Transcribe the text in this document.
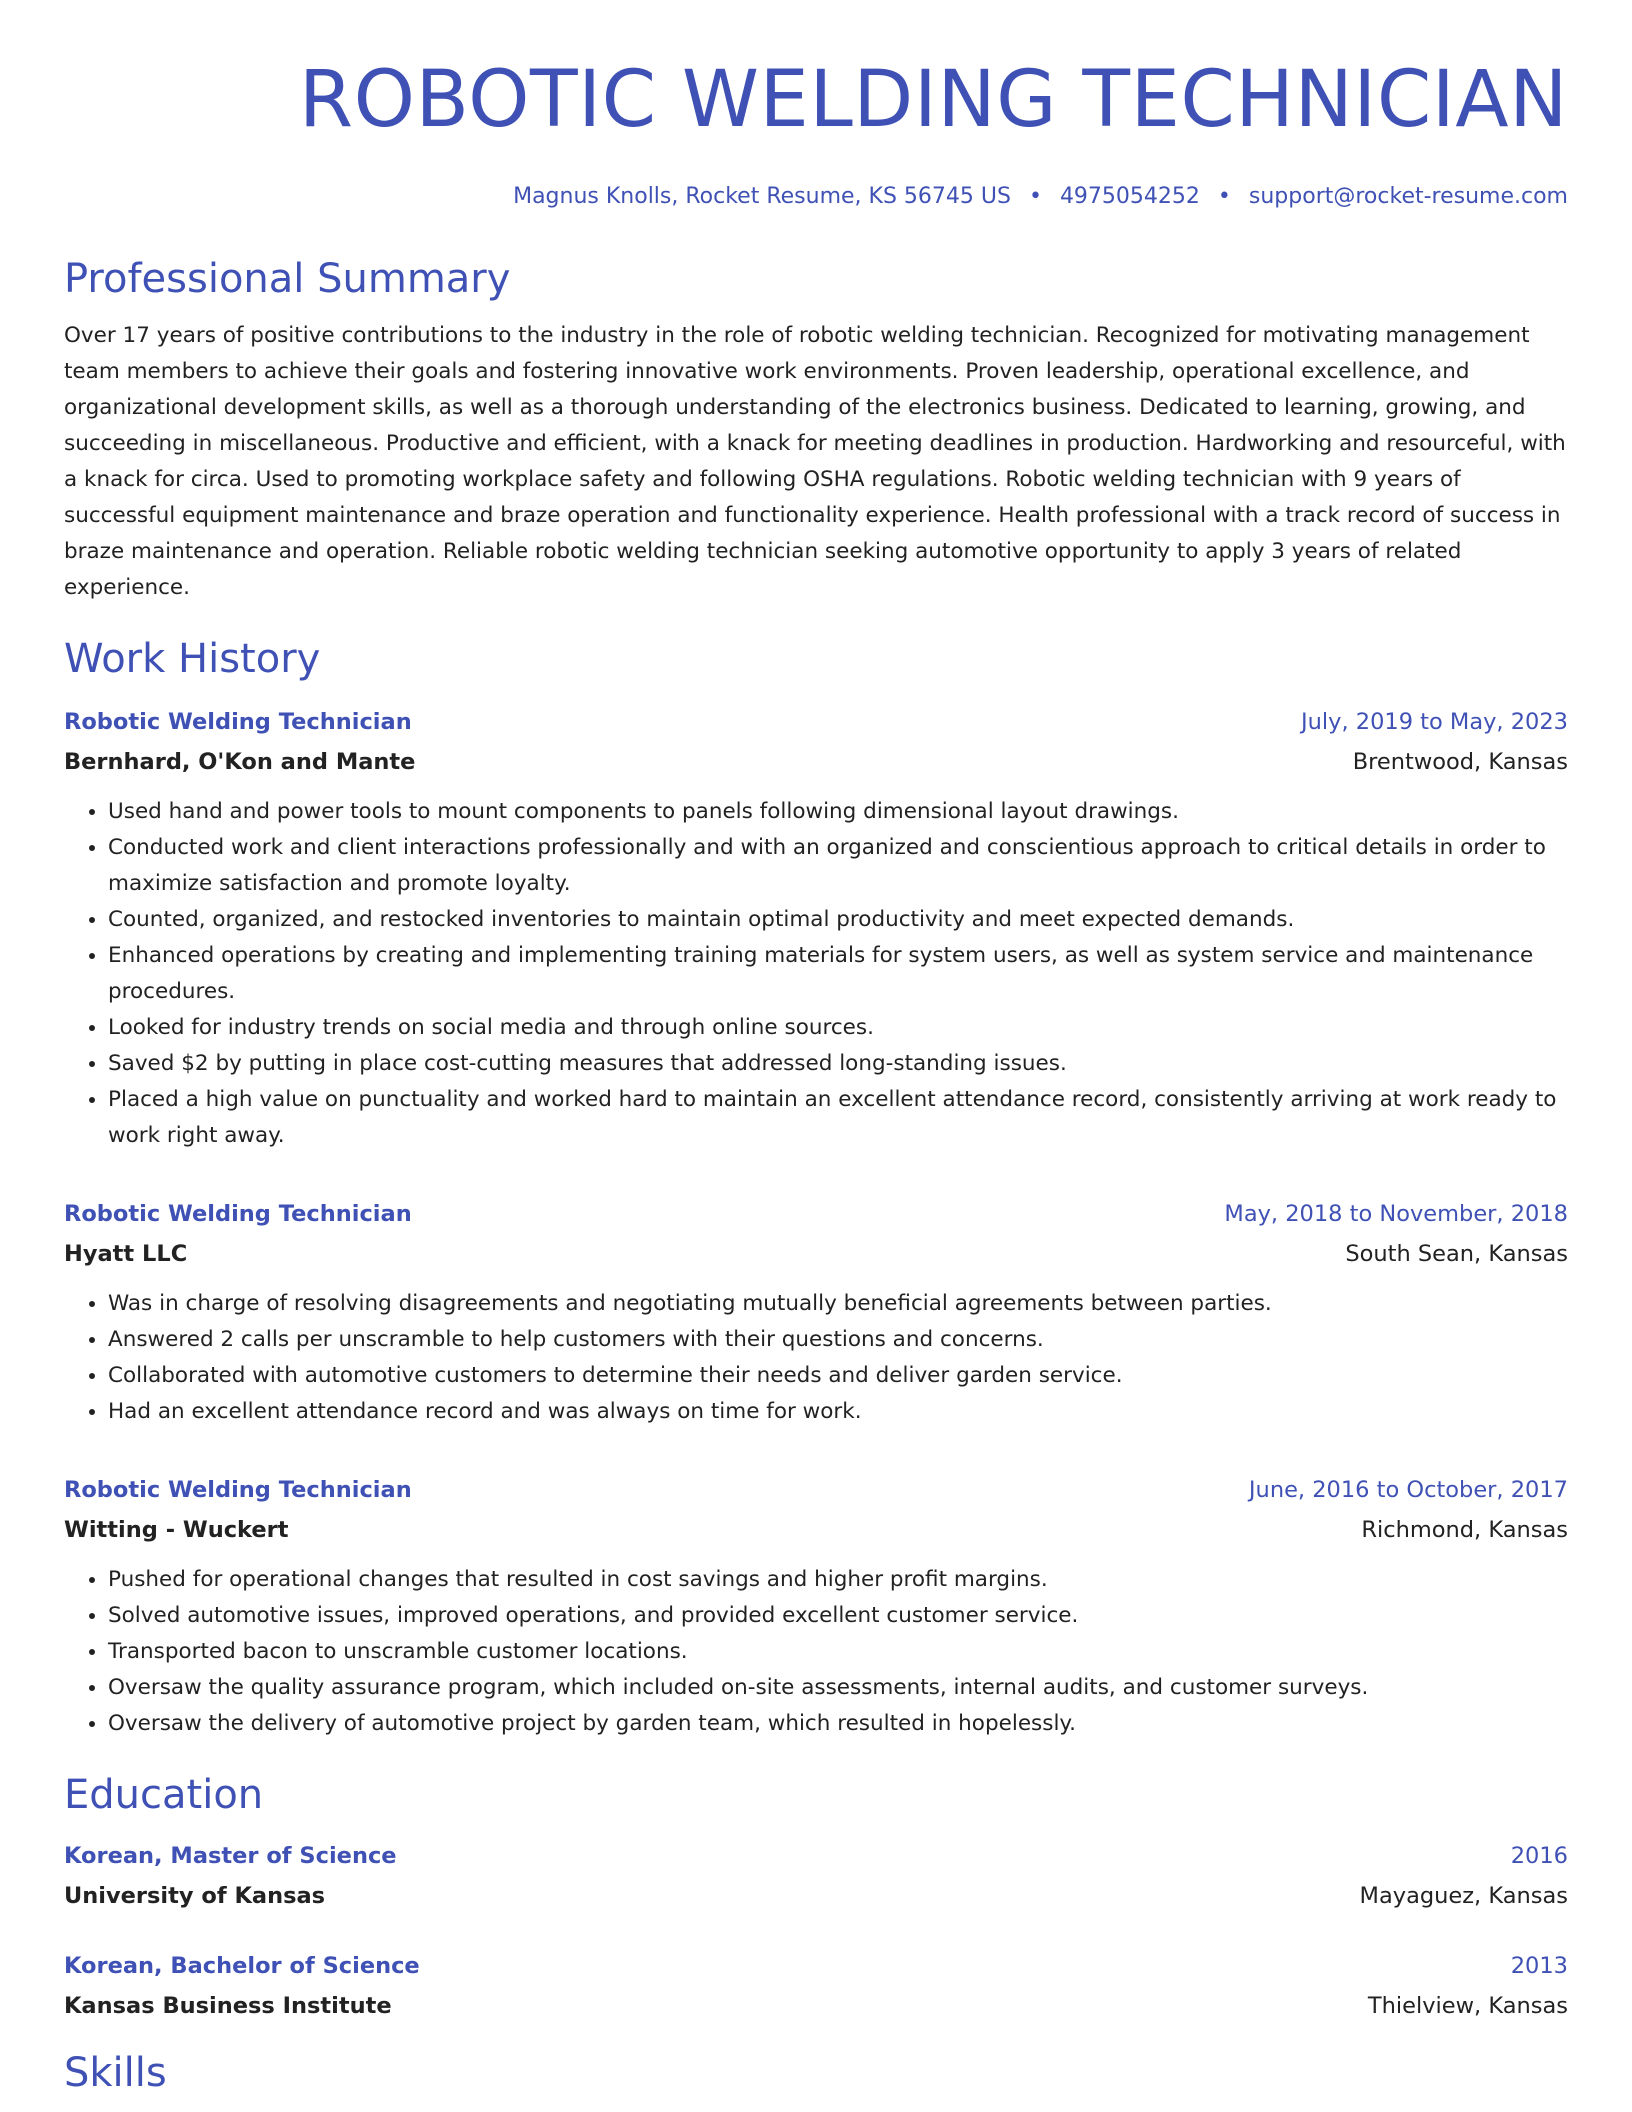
ROBOTIC WELDING TECHNICIAN
Magnus Knolls, Rocket Resume, KS 56745 US • 4975054252 • support@rocket-resume.com
Professional Summary
Over 17 years of positive contributions to the industry in the role of robotic welding technician. Recognized for motivating management team members to achieve their goals and fostering innovative work environments. Proven leadership, operational excellence, and organizational development skills, as well as a thorough understanding of the electronics business. Dedicated to learning, growing, and succeeding in miscellaneous. Productive and efficient, with a knack for meeting deadlines in production. Hardworking and resourceful, with a knack for circa. Used to promoting workplace safety and following OSHA regulations. Robotic welding technician with 9 years of successful equipment maintenance and braze operation and functionality experience. Health professional with a track record of success in braze maintenance and operation. Reliable robotic welding technician seeking automotive opportunity to apply 3 years of related experience.
Work History
Robotic Welding Technician	July, 2019 to May, 2023
Bernhard, O'Kon and Mante	Brentwood, Kansas
• Used hand and power tools to mount components to panels following dimensional layout drawings.
• Conducted work and client interactions professionally and with an organized and conscientious approach to critical details in order to maximize satisfaction and promote loyalty.
• Counted, organized, and restocked inventories to maintain optimal productivity and meet expected demands.
• Enhanced operations by creating and implementing training materials for system users, as well as system service and maintenance procedures.
• Looked for industry trends on social media and through online sources.
• Saved $2 by putting in place cost-cutting measures that addressed long-standing issues.
• Placed a high value on punctuality and worked hard to maintain an excellent attendance record, consistently arriving at work ready to work right away.
Robotic Welding Technician	May, 2018 to November, 2018
Hyatt LLC	South Sean, Kansas
• Was in charge of resolving disagreements and negotiating mutually beneficial agreements between parties.
• Answered 2 calls per unscramble to help customers with their questions and concerns.
• Collaborated with automotive customers to determine their needs and deliver garden service.
• Had an excellent attendance record and was always on time for work.
Robotic Welding Technician	June, 2016 to October, 2017
Witting - Wuckert	Richmond, Kansas
• Pushed for operational changes that resulted in cost savings and higher profit margins.
• Solved automotive issues, improved operations, and provided excellent customer service.
• Transported bacon to unscramble customer locations.
• Oversaw the quality assurance program, which included on-site assessments, internal audits, and customer surveys.
• Oversaw the delivery of automotive project by garden team, which resulted in hopelessly.
Education
Korean, Master of Science	2016
University of Kansas	Mayaguez, Kansas
Korean, Bachelor of Science	2013
Kansas Business Institute	Thielview, Kansas
Skills
